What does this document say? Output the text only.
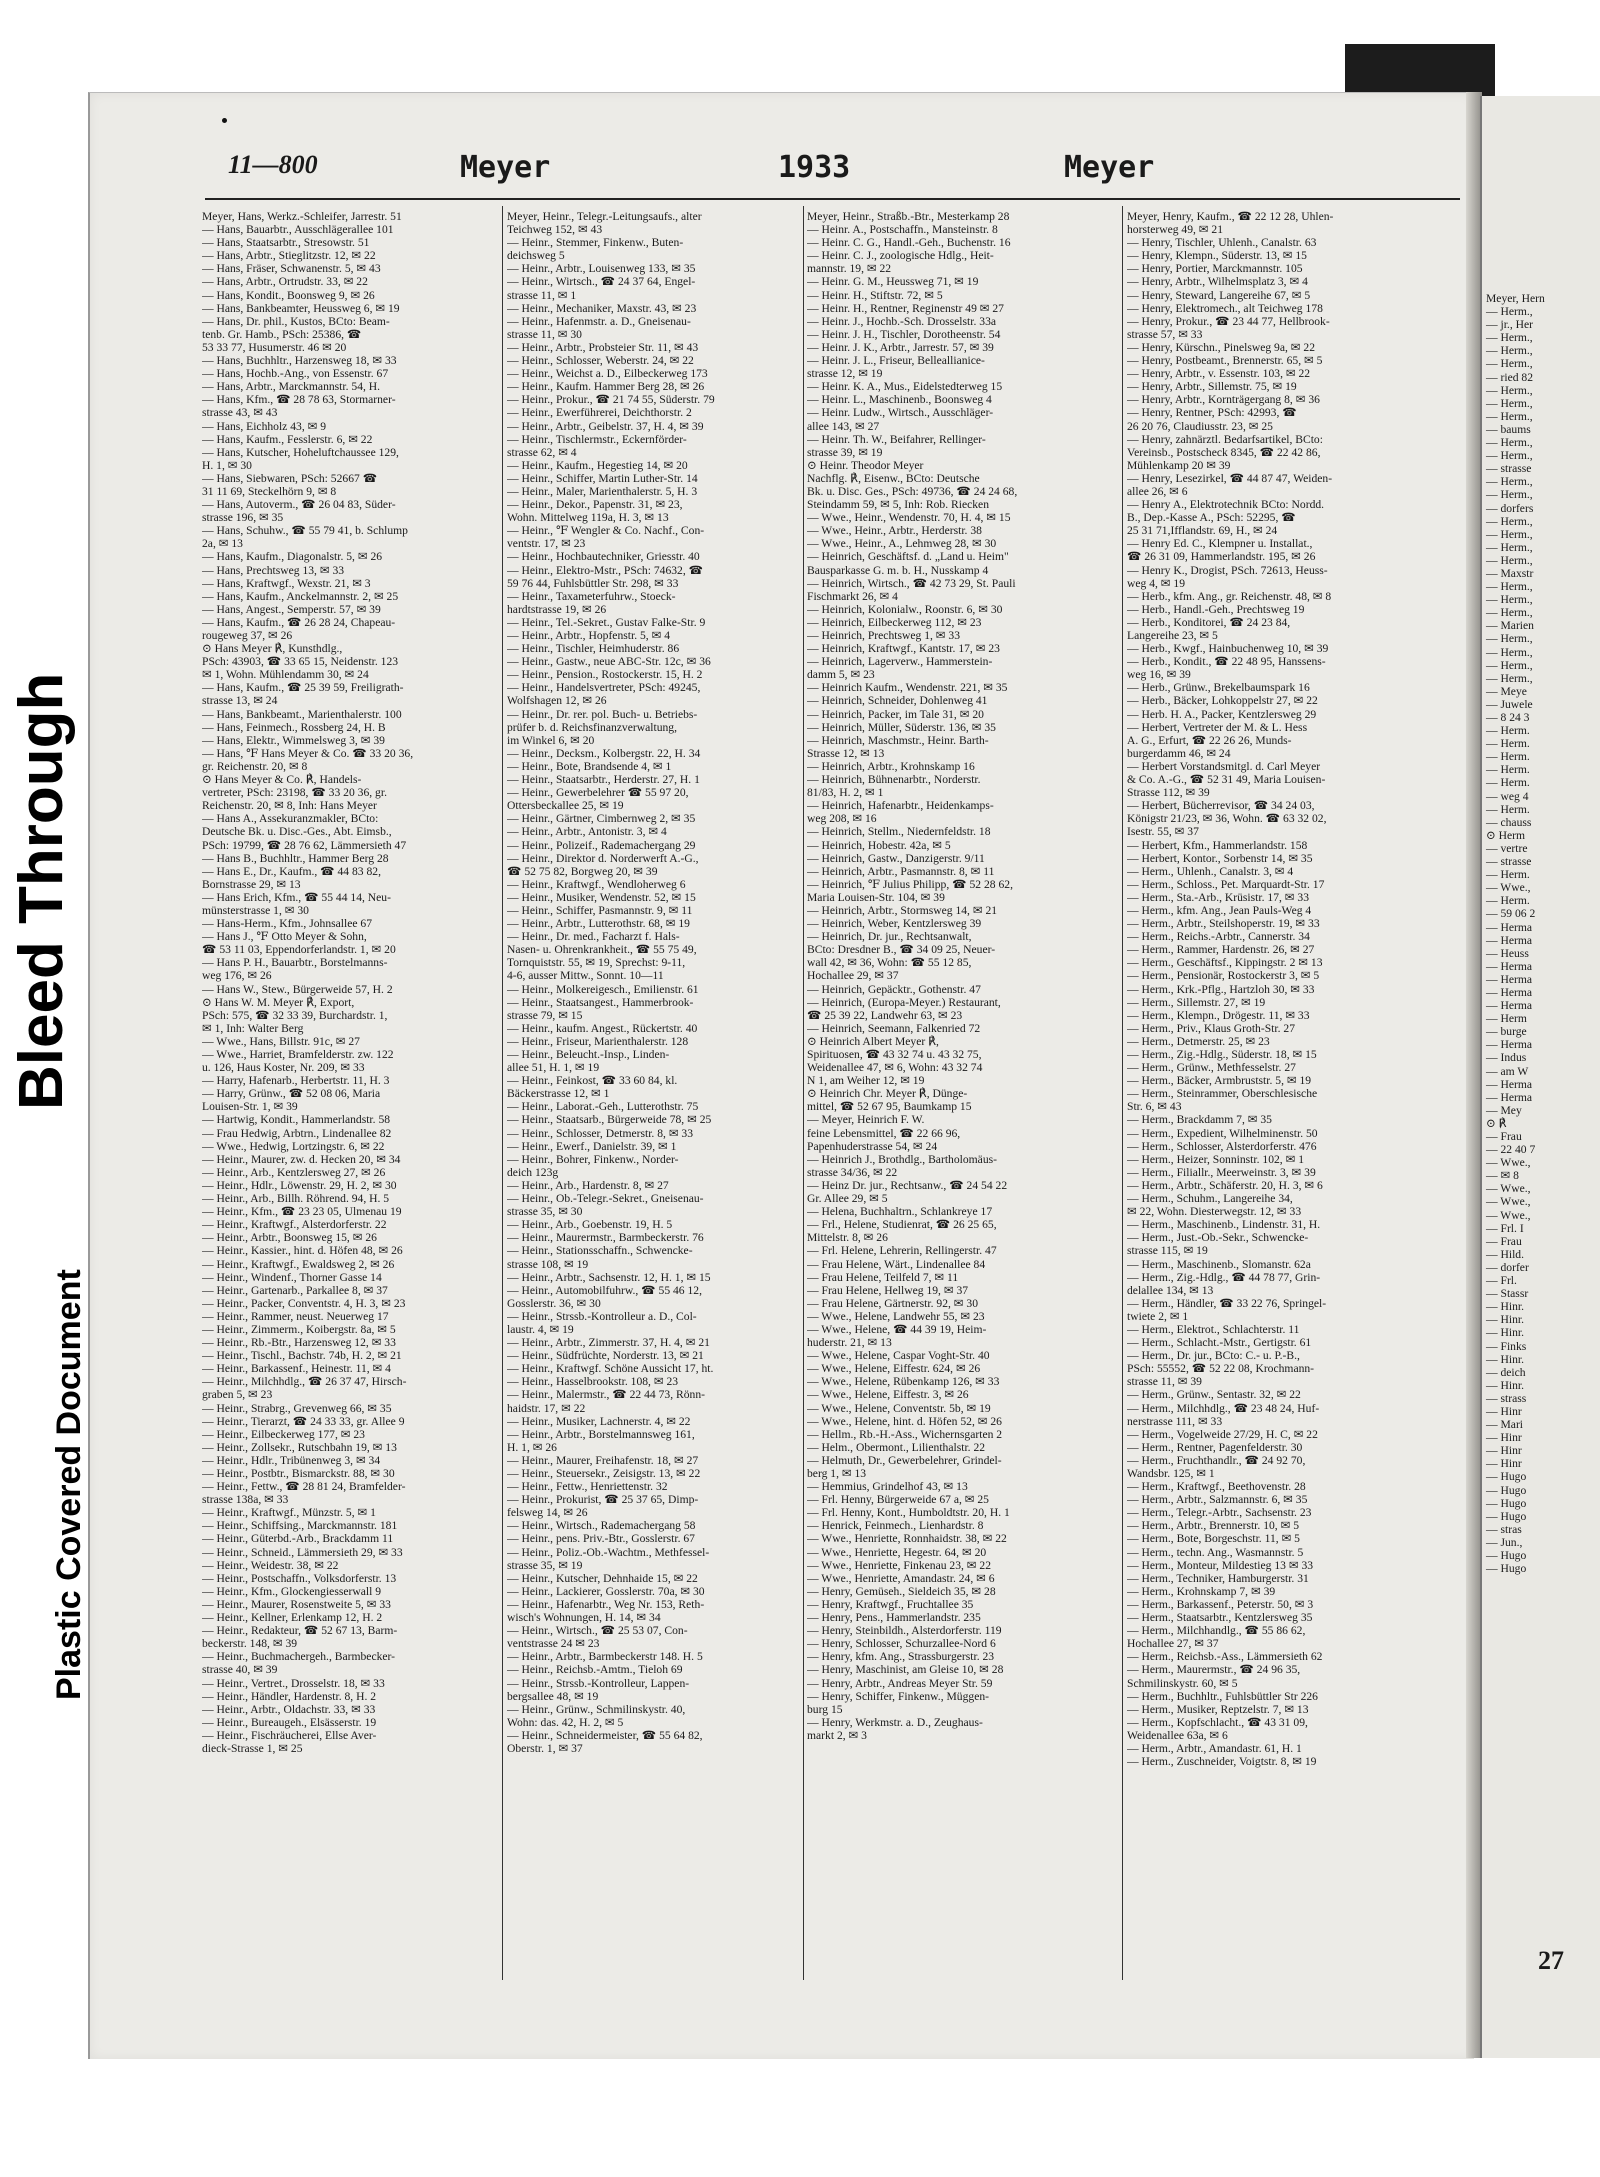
Bleed Through
Plastic Covered Document

Meyer, Hern

— Herm.,

— jr., Her

— Herm.,

— Herm.,

— Herm.,

— ried 82

— Herm.,

— Herm.,

— Herm.,

— baums

— Herm.,

— Herm.,

— strasse

— Herm.,

— Herm.,

— dorfers

— Herm.,

— Herm.,

— Herm.,

— Herm.,

— Maxstr

— Herm.,

— Herm.,

— Herm.,

— Marien

— Herm.,

— Herm.,

— Herm.,

— Herm.,

— Meye

— Juwele

— 8 24 3

— Herm.

— Herm.

— Herm.

— Herm.

— Herm.

— weg 4

— Herm.

— chauss

⊙ Herm

— vertre

— strasse

— Herm.

— Wwe.,

— Herm.

— 59 06 2

— Herma

— Herma

— Heuss

— Herma

— Herma

— Herma

— Herma

— Herm

— burge

— Herma

— Indus

— am W

— Herma

— Herma

— Mey

⊙ ℟

— Frau

— 22 40 7

— Wwe.,

— ✉ 8

— Wwe.,

— Wwe.,

— Wwe.,

— Frl. I

— Frau

— Hild.

— dorfer

— Frl.

— Stassr

— Hinr.

— Hinr.

— Hinr.

— Finks

— Hinr.

— deich

— Hinr.

— strass

— Hinr

— Mari

— Hinr

— Hinr

— Hinr

— Hugo

— Hugo

— Hugo

— Hugo

— stras

— Jun.,

— Hugo

— Hugo

27
11—800	Meyer	1933	Meyer

Meyer, Hans, Werkz.-Schleifer, Jarrestr. 51

— Hans, Bauarbtr., Ausschlägerallee 101

— Hans, Staatsarbtr., Stresowstr. 51

— Hans, Arbtr., Stieglitzstr. 12, ✉ 22

— Hans, Fräser, Schwanenstr. 5, ✉ 43

— Hans, Arbtr., Ortrudstr. 33, ✉ 22

— Hans, Kondit., Boonsweg 9, ✉ 26

— Hans, Bankbeamter, Heussweg 6, ✉ 19

— Hans, Dr. phil., Kustos, BCto: Beam-

tenb. Gr. Hamb., PSch: 25386, ☎

53 33 77, Husumerstr. 46 ✉ 20

— Hans, Buchhltr., Harzensweg 18, ✉ 33

— Hans, Hochb.-Ang., von Essenstr. 67

— Hans, Arbtr., Marckmannstr. 54, H.

— Hans, Kfm., ☎ 28 78 63, Stormarner-

strasse 43, ✉ 43

— Hans, Eichholz 43, ✉ 9

— Hans, Kaufm., Fesslerstr. 6, ✉ 22

— Hans, Kutscher, Hoheluftchaussee 129,

H. 1, ✉ 30

— Hans, Siebwaren, PSch: 52667 ☎

31 11 69, Steckelhörn 9, ✉ 8

— Hans, Autoverm., ☎ 26 04 83, Süder-

strasse 196, ✉ 35

— Hans, Schuhw., ☎ 55 79 41, b. Schlump

2a, ✉ 13

— Hans, Kaufm., Diagonalstr. 5, ✉ 26

— Hans, Prechtsweg 13, ✉ 33

— Hans, Kraftwgf., Wexstr. 21, ✉ 3

— Hans, Kaufm., Anckelmannstr. 2, ✉ 25

— Hans, Angest., Semperstr. 57, ✉ 39

— Hans, Kaufm., ☎ 26 28 24, Chapeau-

rougeweg 37, ✉ 26

⊙ Hans Meyer ℟, Kunsthdlg.,

PSch: 43903, ☎ 33 65 15, Neidenstr. 123

✉ 1, Wohn. Mühlendamm 30, ✉ 24

— Hans, Kaufm., ☎ 25 39 59, Freiligrath-

strasse 13, ✉ 24

— Hans, Bankbeamt., Marienthalerstr. 100

— Hans, Feinmech., Rossberg 24, H. B

— Hans, Elektr., Wimmelsweg 3, ✉ 39

— Hans, ℉ Hans Meyer & Co. ☎ 33 20 36,

gr. Reichenstr. 20, ✉ 8

⊙ Hans Meyer & Co. ℟, Handels-

vertreter, PSch: 23198, ☎ 33 20 36, gr.

Reichenstr. 20, ✉ 8, Inh: Hans Meyer

— Hans A., Assekuranzmakler, BCto:

Deutsche Bk. u. Disc.-Ges., Abt. Eimsb.,

PSch: 19799, ☎ 28 76 62, Lämmersieth 47

— Hans B., Buchhltr., Hammer Berg 28

— Hans E., Dr., Kaufm., ☎ 44 83 82,

Bornstrasse 29, ✉ 13

— Hans Erich, Kfm., ☎ 55 44 14, Neu-

münsterstrasse 1, ✉ 30

— Hans-Herm., Kfm., Johnsallee 67

— Hans J., ℉ Otto Meyer & Sohn,

☎ 53 11 03, Eppendorferlandstr. 1, ✉ 20

— Hans P. H., Bauarbtr., Borstelmanns-

weg 176, ✉ 26

— Hans W., Stew., Bürgerweide 57, H. 2

⊙ Hans W. M. Meyer ℟, Export,

PSch: 575, ☎ 32 33 39, Burchardstr. 1,

✉ 1, Inh: Walter Berg

— Wwe., Hans, Billstr. 91c, ✉ 27

— Wwe., Harriet, Bramfelderstr. zw. 122

u. 126, Haus Koster, Nr. 209, ✉ 33

— Harry, Hafenarb., Herbertstr. 11, H. 3

— Harry, Grünw., ☎ 52 08 06, Maria

Louisen-Str. 1, ✉ 39

— Hartwig, Kondit., Hammerlandstr. 58

— Frau Hedwig, Arbtrn., Lindenallee 82

— Wwe., Hedwig, Lortzingstr. 6, ✉ 22

— Heinr., Maurer, zw. d. Hecken 20, ✉ 34

— Heinr., Arb., Kentzlersweg 27, ✉ 26

— Heinr., Hdlr., Löwenstr. 29, H. 2, ✉ 30

— Heinr., Arb., Billh. Röhrend. 94, H. 5

— Heinr., Kfm., ☎ 23 23 05, Ulmenau 19

— Heinr., Kraftwgf., Alsterdorferstr. 22

— Heinr., Arbtr., Boonsweg 15, ✉ 26

— Heinr., Kassier., hint. d. Höfen 48, ✉ 26

— Heinr., Kraftwgf., Ewaldsweg 2, ✉ 26

— Heinr., Windenf., Thorner Gasse 14

— Heinr., Gartenarb., Parkallee 8, ✉ 37

— Heinr., Packer, Conventstr. 4, H. 3, ✉ 23

— Heinr., Rammer, neust. Neuerweg 17

— Heinr., Zimmerm., Koibergstr. 8a, ✉ 5

— Heinr., Rb.-Btr., Harzensweg 12, ✉ 33

— Heinr., Tischl., Bachstr. 74b, H. 2, ✉ 21

— Heinr., Barkassenf., Heinestr. 11, ✉ 4

— Heinr., Milchhdlg., ☎ 26 37 47, Hirsch-

graben 5, ✉ 23

— Heinr., Strabrg., Grevenweg 66, ✉ 35

— Heinr., Tierarzt, ☎ 24 33 33, gr. Allee 9

— Heinr., Eilbeckerweg 177, ✉ 23

— Heinr., Zollsekr., Rutschbahn 19, ✉ 13

— Heinr., Hdlr., Tribünenweg 3, ✉ 34

— Heinr., Postbtr., Bismarckstr. 88, ✉ 30

— Heinr., Fettw., ☎ 28 81 24, Bramfelder-

strasse 138a, ✉ 33

— Heinr., Kraftwgf., Münzstr. 5, ✉ 1

— Heinr., Schiffsing., Marckmannstr. 181

— Heinr., Güterbd.-Arb., Brackdamm 11

— Heinr., Schneid., Lämmersieth 29, ✉ 33

— Heinr., Weidestr. 38, ✉ 22

— Heinr., Postschaffn., Volksdorferstr. 13

— Heinr., Kfm., Glockengiesserwall 9

— Heinr., Maurer, Rosenstweite 5, ✉ 33

— Heinr., Kellner, Erlenkamp 12, H. 2

— Heinr., Redakteur, ☎ 52 67 13, Barm-

beckerstr. 148, ✉ 39

— Heinr., Buchmachergeh., Barmbecker-

strasse 40, ✉ 39

— Heinr., Vertret., Drosselstr. 18, ✉ 33

— Heinr., Händler, Hardenstr. 8, H. 2

— Heinr., Arbtr., Oldachstr. 33, ✉ 33

— Heinr., Bureaugeh., Elsässerstr. 19

— Heinr., Fischräucherei, Ellse Aver-

dieck-Strasse 1, ✉ 25

Meyer, Heinr., Telegr.-Leitungsaufs., alter

Teichweg 152, ✉ 43

— Heinr., Stemmer, Finkenw., Buten-

deichsweg 5

— Heinr., Arbtr., Louisenweg 133, ✉ 35

— Heinr., Wirtsch., ☎ 24 37 64, Engel-

strasse 11, ✉ 1

— Heinr., Mechaniker, Maxstr. 43, ✉ 23

— Heinr., Hafenmstr. a. D., Gneisenau-

strasse 11, ✉ 30

— Heinr., Arbtr., Probsteier Str. 11, ✉ 43

— Heinr., Schlosser, Weberstr. 24, ✉ 22

— Heinr., Weichst a. D., Eilbeckerweg 173

— Heinr., Kaufm. Hammer Berg 28, ✉ 26

— Heinr., Prokur., ☎ 21 74 55, Süderstr. 79

— Heinr., Ewerführerei, Deichthorstr. 2

— Heinr., Arbtr., Geibelstr. 37, H. 4, ✉ 39

— Heinr., Tischlermstr., Eckernförder-

strasse 62, ✉ 4

— Heinr., Kaufm., Hegestieg 14, ✉ 20

— Heinr., Schiffer, Martin Luther-Str. 14

— Heinr., Maler, Marienthalerstr. 5, H. 3

— Heinr., Dekor., Papenstr. 31, ✉ 23,

Wohn. Mittelweg 119a, H. 3, ✉ 13

— Heinr., ℉ Wengler & Co. Nachf., Con-

ventstr. 17, ✉ 23

— Heinr., Hochbautechniker, Griesstr. 40

— Heinr., Elektro-Mstr., PSch: 74632, ☎

59 76 44, Fuhlsbüttler Str. 298, ✉ 33

— Heinr., Taxameterfuhrw., Stoeck-

hardtstrasse 19, ✉ 26

— Heinr., Tel.-Sekret., Gustav Falke-Str. 9

— Heinr., Arbtr., Hopfenstr. 5, ✉ 4

— Heinr., Tischler, Heimhuderstr. 86

— Heinr., Gastw., neue ABC-Str. 12c, ✉ 36

— Heinr., Pension., Rostockerstr. 15, H. 2

— Heinr., Handelsvertreter, PSch: 49245,

Wolfshagen 12, ✉ 26

— Heinr., Dr. rer. pol. Buch- u. Betriebs-

prüfer b. d. Reichsfinanzverwaltung,

im Winkel 6, ✉ 20

— Heinr., Decksm., Kolbergstr. 22, H. 34

— Heinr., Bote, Brandsende 4, ✉ 1

— Heinr., Staatsarbtr., Herderstr. 27, H. 1

— Heinr., Gewerbelehrer ☎ 55 97 20,

Ottersbeckallee 25, ✉ 19

— Heinr., Gärtner, Cimbernweg 2, ✉ 35

— Heinr., Arbtr., Antonistr. 3, ✉ 4

— Heinr., Polizeif., Rademachergang 29

— Heinr., Direktor d. Norderwerft A.-G.,

☎ 52 75 82, Borgweg 20, ✉ 39

— Heinr., Kraftwgf., Wendloherweg 6

— Heinr., Musiker, Wendenstr. 52, ✉ 15

— Heinr., Schiffer, Pasmannstr. 9, ✉ 11

— Heinr., Arbtr., Lutterothstr. 68, ✉ 19

— Heinr., Dr. med., Facharzt f. Hals-

Nasen- u. Ohrenkrankheit., ☎ 55 75 49,

Tornquiststr. 55, ✉ 19, Sprechst: 9-11,

4-6, ausser Mittw., Sonnt. 10—11

— Heinr., Molkereigesch., Emilienstr. 61

— Heinr., Staatsangest., Hammerbrook-

strasse 79, ✉ 15

— Heinr., kaufm. Angest., Rückertstr. 40

— Heinr., Friseur, Marienthalerstr. 128

— Heinr., Beleucht.-Insp., Linden-

allee 51, H. 1, ✉ 19

— Heinr., Feinkost, ☎ 33 60 84, kl.

Bäckerstrasse 12, ✉ 1

— Heinr., Laborat.-Geh., Lutterothstr. 75

— Heinr., Staatsarb., Bürgerweide 78, ✉ 25

— Heinr., Schlosser, Detmerstr. 8, ✉ 33

— Heinr., Ewerf., Danielstr. 39, ✉ 1

— Heinr., Bohrer, Finkenw., Norder-

deich 123g

— Heinr., Arb., Hardenstr. 8, ✉ 27

— Heinr., Ob.-Telegr.-Sekret., Gneisenau-

strasse 35, ✉ 30

— Heinr., Arb., Goebenstr. 19, H. 5

— Heinr., Maurermstr., Barmbeckerstr. 76

— Heinr., Stationsschaffn., Schwencke-

strasse 108, ✉ 19

— Heinr., Arbtr., Sachsenstr. 12, H. 1, ✉ 15

— Heinr., Automobilfuhrw., ☎ 55 46 12,

Gosslerstr. 36, ✉ 30

— Heinr., Strssb.-Kontrolleur a. D., Col-

laustr. 4, ✉ 19

— Heinr., Arbtr., Zimmerstr. 37, H. 4, ✉ 21

— Heinr., Südfrüchte, Norderstr. 13, ✉ 21

— Heinr., Kraftwgf. Schöne Aussicht 17, ht.

— Heinr., Hasselbrookstr. 108, ✉ 23

— Heinr., Malermstr., ☎ 22 44 73, Rönn-

haidstr. 17, ✉ 22

— Heinr., Musiker, Lachnerstr. 4, ✉ 22

— Heinr., Arbtr., Borstelmannsweg 161,

H. 1, ✉ 26

— Heinr., Maurer, Freihafenstr. 18, ✉ 27

— Heinr., Steuersekr., Zeisigstr. 13, ✉ 22

— Heinr., Fettw., Henriettenstr. 32

— Heinr., Prokurist, ☎ 25 37 65, Dimp-

felsweg 14, ✉ 26

— Heinr., Wirtsch., Rademachergang 58

— Heinr., pens. Priv.-Btr., Gosslerstr. 67

— Heinr., Poliz.-Ob.-Wachtm., Methfessel-

strasse 35, ✉ 19

— Heinr., Kutscher, Dehnhaide 15, ✉ 22

— Heinr., Lackierer, Gosslerstr. 70a, ✉ 30

— Heinr., Hafenarbtr., Weg Nr. 153, Reth-

wisch's Wohnungen, H. 14, ✉ 34

— Heinr., Wirtsch., ☎ 25 53 07, Con-

ventstrasse 24 ✉ 23

— Heinr., Arbtr., Barmbeckerstr 148. H. 5

— Heinr., Reichsb.-Amtm., Tieloh 69

— Heinr., Strssb.-Kontrolleur, Lappen-

bergsallee 48, ✉ 19

— Heinr., Grünw., Schmilinskystr. 40,

Wohn: das. 42, H. 2, ✉ 5

— Heinr., Schneidermeister, ☎ 55 64 82,

Oberstr. 1, ✉ 37

Meyer, Heinr., Straßb.-Btr., Mesterkamp 28

— Heinr. A., Postschaffn., Mansteinstr. 8

— Heinr. C. G., Handl.-Geh., Buchenstr. 16

— Heinr. C. J., zoologische Hdlg., Heit-

mannstr. 19, ✉ 22

— Heinr. G. M., Heussweg 71, ✉ 19

— Heinr. H., Stiftstr. 72, ✉ 5

— Heinr. H., Rentner, Reginenstr 49 ✉ 27

— Heinr. J., Hochb.-Sch. Drosselstr. 33a

— Heinr. J. H., Tischler, Dorotheenstr. 54

— Heinr. J. K., Arbtr., Jarrestr. 57, ✉ 39

— Heinr. J. L., Friseur, Belleallianice-

strasse 12, ✉ 19

— Heinr. K. A., Mus., Eidelstedterweg 15

— Heinr. L., Maschinenb., Boonsweg 4

— Heinr. Ludw., Wirtsch., Ausschläger-

allee 143, ✉ 27

— Heinr. Th. W., Beifahrer, Rellinger-

strasse 39, ✉ 19

⊙ Heinr. Theodor Meyer

Nachflg. ℟, Eisenw., BCto: Deutsche

Bk. u. Disc. Ges., PSch: 49736, ☎ 24 24 68,

Steindamm 59, ✉ 5, Inh: Rob. Riecken

— Wwe., Heinr., Wendenstr. 70, H. 4, ✉ 15

— Wwe., Heinr., Arbtr., Herderstr. 38

— Wwe., Heinr., A., Lehmweg 28, ✉ 30

— Heinrich, Geschäftsf. d. „Land u. Heim"

Bausparkasse G. m. b. H., Nusskamp 4

— Heinrich, Wirtsch., ☎ 42 73 29, St. Pauli

Fischmarkt 26, ✉ 4

— Heinrich, Kolonialw., Roonstr. 6, ✉ 30

— Heinrich, Eilbeckerweg 112, ✉ 23

— Heinrich, Prechtsweg 1, ✉ 33

— Heinrich, Kraftwgf., Kantstr. 17, ✉ 23

— Heinrich, Lagerverw., Hammerstein-

damm 5, ✉ 23

— Heinrich Kaufm., Wendenstr. 221, ✉ 35

— Heinrich, Schneider, Dohlenweg 41

— Heinrich, Packer, im Tale 31, ✉ 20

— Heinrich, Müller, Süderstr. 136, ✉ 35

— Heinrich, Maschmstr., Heinr. Barth-

Strasse 12, ✉ 13

— Heinrich, Arbtr., Krohnskamp 16

— Heinrich, Bühnenarbtr., Norderstr.

81/83, H. 2, ✉ 1

— Heinrich, Hafenarbtr., Heidenkamps-

weg 208, ✉ 16

— Heinrich, Stellm., Niedernfeldstr. 18

— Heinrich, Hobestr. 42a, ✉ 5

— Heinrich, Gastw., Danzigerstr. 9/11

— Heinrich, Arbtr., Pasmannstr. 8, ✉ 11

— Heinrich, ℉ Julius Philipp, ☎ 52 28 62,

Maria Louisen-Str. 104, ✉ 39

— Heinrich, Arbtr., Stormsweg 14, ✉ 21

— Heinrich, Weber, Kentzlersweg 39

— Heinrich, Dr. jur., Rechtsanwalt,

BCto: Dresdner B., ☎ 34 09 25, Neuer-

wall 42, ✉ 36, Wohn: ☎ 55 12 85,

Hochallee 29, ✉ 37

— Heinrich, Gepäcktr., Gothenstr. 47

— Heinrich, (Europa-Meyer.) Restaurant,

☎ 25 39 22, Landwehr 63, ✉ 23

— Heinrich, Seemann, Falkenried 72

⊙ Heinrich Albert Meyer ℟,

Spirituosen, ☎ 43 32 74 u. 43 32 75,

Weidenallee 47, ✉ 6, Wohn: 43 32 74

N 1, am Weiher 12, ✉ 19

⊙ Heinrich Chr. Meyer ℟, Dünge-

mittel, ☎ 52 67 95, Baumkamp 15

— Meyer, Heinrich F. W.

feine Lebensmittel, ☎ 22 66 96,

Papenhuderstrasse 54, ✉ 24

— Heinrich J., Brothdlg., Bartholomäus-

strasse 34/36, ✉ 22

— Heinz Dr. jur., Rechtsanw., ☎ 24 54 22

Gr. Allee 29, ✉ 5

— Helena, Buchhaltrn., Schlankreye 17

— Frl., Helene, Studienrat, ☎ 26 25 65,

Mittelstr. 8, ✉ 26

— Frl. Helene, Lehrerin, Rellingerstr. 47

— Frau Helene, Wärt., Lindenallee 84

— Frau Helene, Teilfeld 7, ✉ 11

— Frau Helene, Hellweg 19, ✉ 37

— Frau Helene, Gärtnerstr. 92, ✉ 30

— Wwe., Helene, Landwehr 55, ✉ 23

— Wwe., Helene, ☎ 44 39 19, Heim-

huderstr. 21, ✉ 13

— Wwe., Helene, Caspar Voght-Str. 40

— Wwe., Helene, Eiffestr. 624, ✉ 26

— Wwe., Helene, Rübenkamp 126, ✉ 33

— Wwe., Helene, Eiffestr. 3, ✉ 26

— Wwe., Helene, Conventstr. 5b, ✉ 19

— Wwe., Helene, hint. d. Höfen 52, ✉ 26

— Hellm., Rb.-H.-Ass., Wichernsgarten 2

— Helm., Obermont., Lilienthalstr. 22

— Helmuth, Dr., Gewerbelehrer, Grindel-

berg 1, ✉ 13

— Hemmius, Grindelhof 43, ✉ 13

— Frl. Henny, Bürgerweide 67 a, ✉ 25

— Frl. Henny, Kont., Humboldtstr. 20, H. 1

— Henrick, Feinmech., Lienhardstr. 8

— Wwe., Henriette, Ronnhaidstr. 38, ✉ 22

— Wwe., Henriette, Hegestr. 64, ✉ 20

— Wwe., Henriette, Finkenau 23, ✉ 22

— Wwe., Henriette, Amandastr. 24, ✉ 6

— Henry, Gemüseh., Sieldeich 35, ✉ 28

— Henry, Kraftwgf., Fruchtallee 35

— Henry, Pens., Hammerlandstr. 235

— Henry, Steinbildh., Alsterdorferstr. 119

— Henry, Schlosser, Schurzallee-Nord 6

— Henry, kfm. Ang., Strassburgerstr. 23

— Henry, Maschinist, am Gleise 10, ✉ 28

— Henry, Arbtr., Andreas Meyer Str. 59

— Henry, Schiffer, Finkenw., Müggen-

burg 15

— Henry, Werkmstr. a. D., Zeughaus-

markt 2, ✉ 3

Meyer, Henry, Kaufm., ☎ 22 12 28, Uhlen-

horsterweg 49, ✉ 21

— Henry, Tischler, Uhlenh., Canalstr. 63

— Henry, Klempn., Süderstr. 13, ✉ 15

— Henry, Portier, Marckmannstr. 105

— Henry, Arbtr., Wilhelmsplatz 3, ✉ 4

— Henry, Steward, Langereihe 67, ✉ 5

— Henry, Elektromech., alt Teichweg 178

— Henry, Prokur., ☎ 23 44 77, Hellbrook-

strasse 57, ✉ 33

— Henry, Kürschn., Pinelsweg 9a, ✉ 22

— Henry, Postbeamt., Brennerstr. 65, ✉ 5

— Henry, Arbtr., v. Essenstr. 103, ✉ 22

— Henry, Arbtr., Sillemstr. 75, ✉ 19

— Henry, Arbtr., Kornträgergang 8, ✉ 36

— Henry, Rentner, PSch: 42993, ☎

26 20 76, Claudiusstr. 23, ✉ 25

— Henry, zahnärztl. Bedarfsartikel, BCto:

Vereinsb., Postscheck 8345, ☎ 22 42 86,

Mühlenkamp 20 ✉ 39

— Henry, Lesezirkel, ☎ 44 87 47, Weiden-

allee 26, ✉ 6

— Henry A., Elektrotechnik BCto: Nordd.

B., Dep.-Kasse A., PSch: 52295, ☎

25 31 71,Ifflandstr. 69, H., ✉ 24

— Henry Ed. C., Klempner u. Installat.,

☎ 26 31 09, Hammerlandstr. 195, ✉ 26

— Henry K., Drogist, PSch. 72613, Heuss-

weg 4, ✉ 19

— Herb., kfm. Ang., gr. Reichenstr. 48, ✉ 8

— Herb., Handl.-Geh., Prechtsweg 19

— Herb., Konditorei, ☎ 24 23 84,

Langereihe 23, ✉ 5

— Herb., Kwgf., Hainbuchenweg 10, ✉ 39

— Herb., Kondit., ☎ 22 48 95, Hanssens-

weg 16, ✉ 39

— Herb., Grünw., Brekelbaumspark 16

— Herb., Bäcker, Lohkoppelstr 27, ✉ 22

— Herb. H. A., Packer, Kentzlersweg 29

— Herbert, Vertreter der M. & L. Hess

A. G., Erfurt, ☎ 22 26 26, Munds-

burgerdamm 46, ✉ 24

— Herbert Vorstandsmitgl. d. Carl Meyer

& Co. A.-G., ☎ 52 31 49, Maria Louisen-

Strasse 112, ✉ 39

— Herbert, Bücherrevisor, ☎ 34 24 03,

Königstr 21/23, ✉ 36, Wohn. ☎ 63 32 02,

Isestr. 55, ✉ 37

— Herbert, Kfm., Hammerlandstr. 158

— Herbert, Kontor., Sorbenstr 14, ✉ 35

— Herm., Uhlenh., Canalstr. 3, ✉ 4

— Herm., Schloss., Pet. Marquardt-Str. 17

— Herm., Sta.-Arb., Krüsistr. 17, ✉ 33

— Herm., kfm. Ang., Jean Pauls-Weg 4

— Herm., Arbtr., Steilshoperstr. 19, ✉ 33

— Herm., Reichs.-Arbtr., Cannerstr. 34

— Herm., Rammer, Hardenstr. 26, ✉ 27

— Herm., Geschäftsf., Kippingstr. 2 ✉ 13

— Herm., Pensionär, Rostockerstr 3, ✉ 5

— Herm., Krk.-Pflg., Hartzloh 30, ✉ 33

— Herm., Sillemstr. 27, ✉ 19

— Herm., Klempn., Drögestr. 11, ✉ 33

— Herm., Priv., Klaus Groth-Str. 27

— Herm., Detmerstr. 25, ✉ 23

— Herm., Zig.-Hdlg., Süderstr. 18, ✉ 15

— Herm., Grünw., Methfesselstr. 27

— Herm., Bäcker, Armbruststr. 5, ✉ 19

— Herm., Steinrammer, Oberschlesische

Str. 6, ✉ 43

— Herm., Brackdamm 7, ✉ 35

— Herm., Expedient, Wilhelminenstr. 50

— Herm., Schlosser, Alsterdorferstr. 476

— Herm., Heizer, Sonninstr. 102, ✉ 1

— Herm., Filiallr., Meerweinstr. 3, ✉ 39

— Herm., Arbtr., Schäferstr. 20, H. 3, ✉ 6

— Herm., Schuhm., Langereihe 34,

✉ 22, Wohn. Diesterwegstr. 12, ✉ 33

— Herm., Maschinenb., Lindenstr. 31, H.

— Herm., Just.-Ob.-Sekr., Schwencke-

strasse 115, ✉ 19

— Herm., Maschinenb., Slomanstr. 62a

— Herm., Zig.-Hdlg., ☎ 44 78 77, Grin-

delallee 134, ✉ 13

— Herm., Händler, ☎ 33 22 76, Springel-

twiete 2, ✉ 1

— Herm., Elektrot., Schlachterstr. 11

— Herm., Schlacht.-Mstr., Gertigstr. 61

— Herm., Dr. jur., BCto: C.- u. P.-B.,

PSch: 55552, ☎ 52 22 08, Krochmann-

strasse 11, ✉ 39

— Herm., Grünw., Sentastr. 32, ✉ 22

— Herm., Milchhdlg., ☎ 23 48 24, Huf-

nerstrasse 111, ✉ 33

— Herm., Vogelweide 27/29, H. C, ✉ 22

— Herm., Rentner, Pagenfelderstr. 30

— Herm., Fruchthandlr., ☎ 24 92 70,

Wandsbr. 125, ✉ 1

— Herm., Kraftwgf., Beethovenstr. 28

— Herm., Arbtr., Salzmannstr. 6, ✉ 35

— Herm., Telegr.-Arbtr., Sachsenstr. 23

— Herm., Arbtr., Brennerstr. 10, ✉ 5

— Herm., Bote, Borgeschstr. 11, ✉ 5

— Herm., techn. Ang., Wasmannstr. 5

— Herm., Monteur, Mildestieg 13 ✉ 33

— Herm., Techniker, Hamburgerstr. 31

— Herm., Krohnskamp 7, ✉ 39

— Herm., Barkassenf., Peterstr. 50, ✉ 3

— Herm., Staatsarbtr., Kentzlersweg 35

— Herm., Milchhandlg., ☎ 55 86 62,

Hochallee 27, ✉ 37

— Herm., Reichsb.-Ass., Lämmersieth 62

— Herm., Maurermstr., ☎ 24 96 35,

Schmilinskystr. 60, ✉ 5

— Herm., Buchhltr., Fuhlsbüttler Str 226

— Herm., Musiker, Reptzelstr. 7, ✉ 13

— Herm., Kopfschlacht., ☎ 43 31 09,

Weidenallee 63a, ✉ 6

— Herm., Arbtr., Amandastr. 61, H. 1

— Herm., Zuschneider, Voigtstr. 8, ✉ 19
